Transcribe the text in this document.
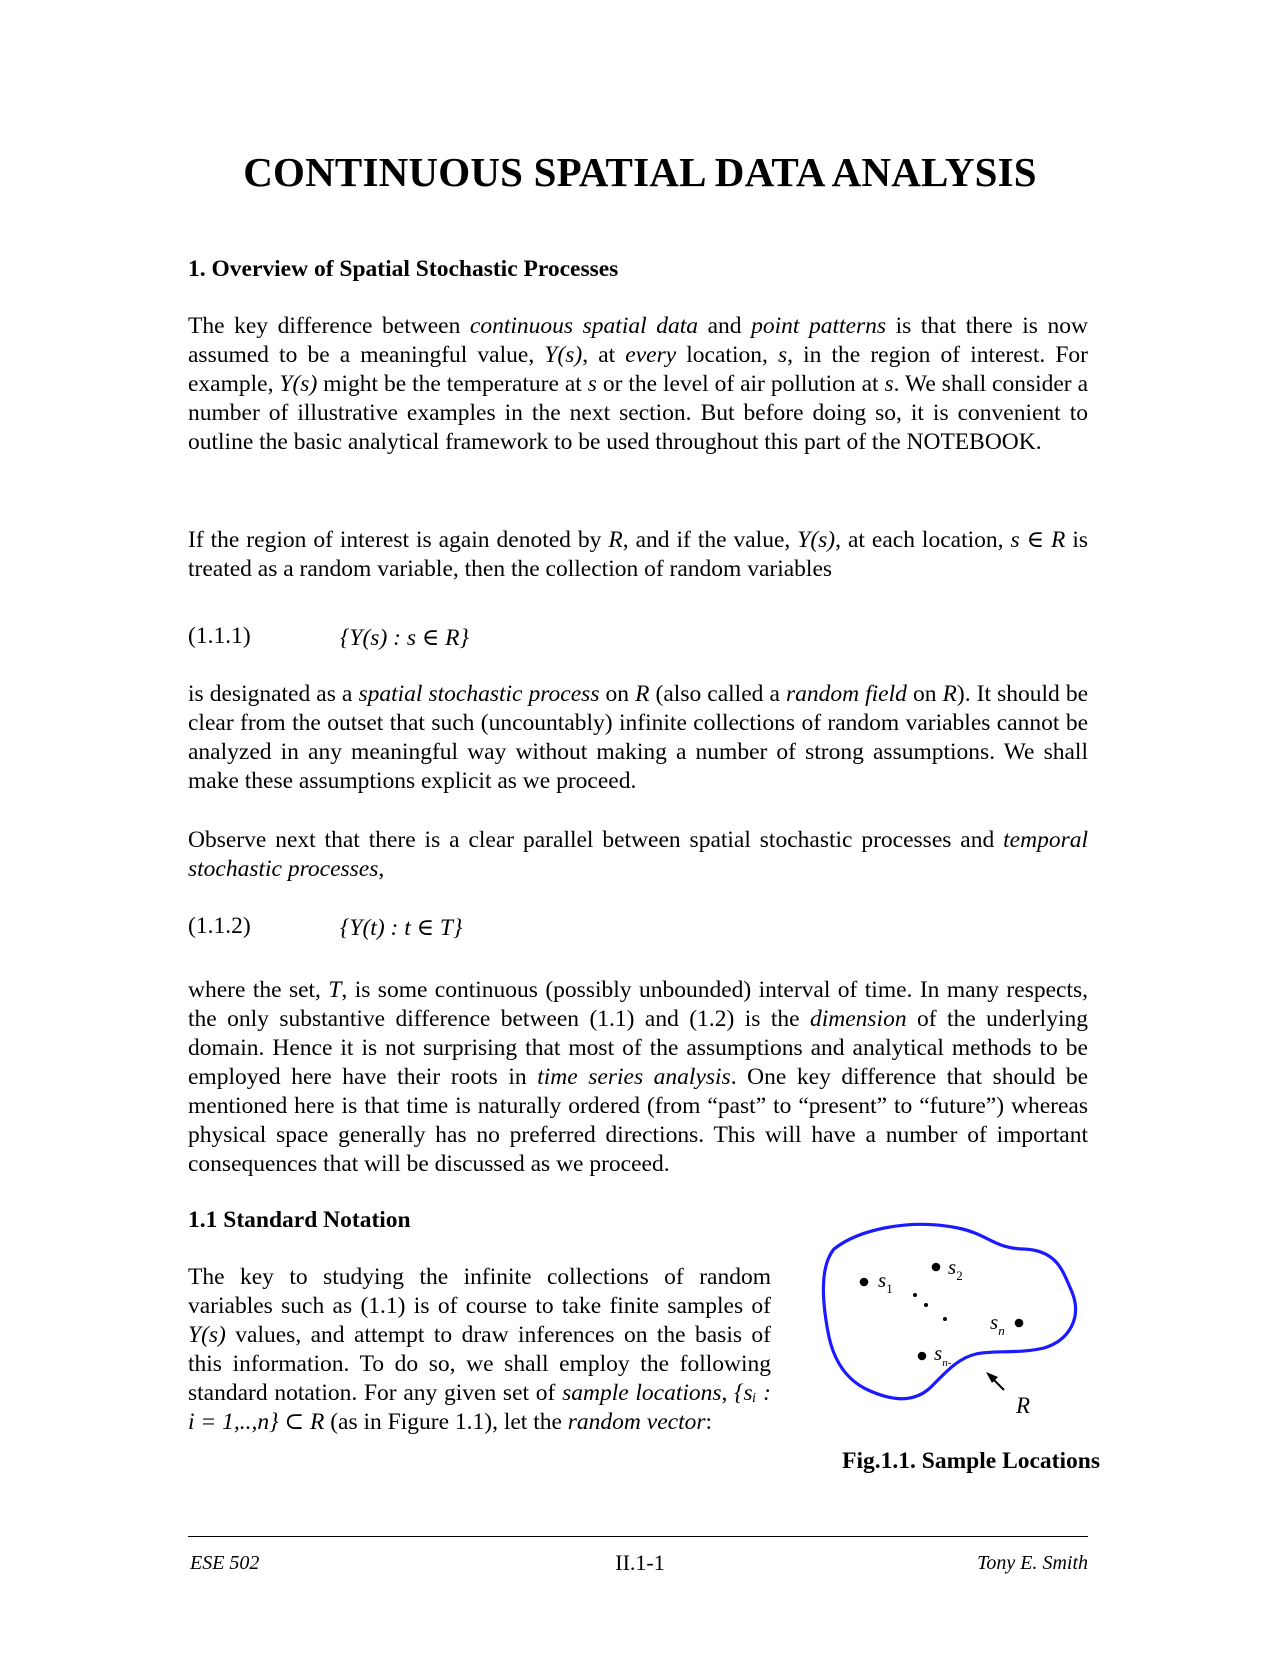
CONTINUOUS SPATIAL DATA ANALYSIS
1. Overview of Spatial Stochastic Processes

The key difference between continuous spatial data and point patterns is that there is now assumed to be a meaningful value, Y(s), at every location, s, in the region of interest. For example, Y(s) might be the temperature at s or the level of air pollution at s. We shall consider a number of illustrative examples in the next section. But before doing so, it is convenient to outline the basic analytical framework to be used throughout this part of the NOTEBOOK.

If the region of interest is again denoted by R, and if the value, Y(s), at each location, s ∈ R is treated as a random variable, then the collection of random variables

(1.1.1)	{Y(s) : s ∈ R}

is designated as a spatial stochastic process on R (also called a random field on R). It should be clear from the outset that such (uncountably) infinite collections of random variables cannot be analyzed in any meaningful way without making a number of strong assumptions. We shall make these assumptions explicit as we proceed.

Observe next that there is a clear parallel between spatial stochastic processes and temporal stochastic processes,

(1.1.2)	{Y(t) : t ∈ T}

where the set, T, is some continuous (possibly unbounded) interval of time. In many respects, the only substantive difference between (1.1) and (1.2) is the dimension of the underlying domain. Hence it is not surprising that most of the assumptions and analytical methods to be employed here have their roots in time series analysis. One key difference that should be mentioned here is that time is naturally ordered (from “past” to “present” to “future”) whereas physical space generally has no preferred directions. This will have a number of important consequences that will be discussed as we proceed.

1.1 Standard Notation

The key to studying the infinite collections of random variables such as (1.1) is of course to take finite samples of Y(s) values, and attempt to draw inferences on the basis of this information. To do so, we shall employ the following standard notation. For any given set of sample locations, {sᵢ : i = 1,..,n} ⊂ R (as in Figure 1.1), let the random vector:

$s_1$
$s_2$
$s_n$
$s_{n-}$
R

Fig.1.1. Sample Locations

ESE 502	II.1-1	Tony E. Smith
